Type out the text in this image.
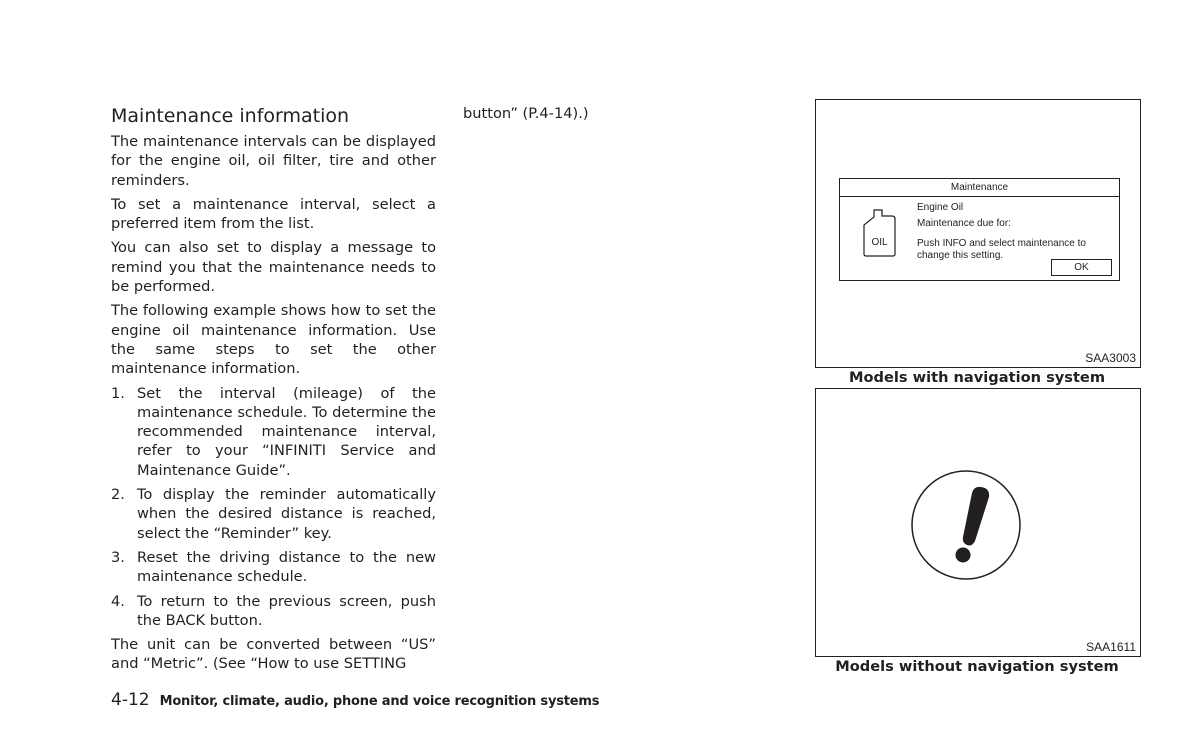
Maintenance information

The maintenance intervals can be displayed for the engine oil, oil filter, tire and other reminders.

To set a maintenance interval, select a preferred item from the list.

You can also set to display a message to remind you that the maintenance needs to be performed.

The following example shows how to set the engine oil maintenance information. Use the same steps to set the other maintenance information.

1. Set the interval (mileage) of the maintenance schedule. To determine the recommended maintenance interval, refer to your “INFINITI Service and Maintenance Guide”.
2. To display the reminder automatically when the desired distance is reached, select the “Reminder” key.
3. Reset the driving distance to the new maintenance schedule.
4. To return to the previous screen, push the BACK button.

The unit can be converted between “US” and “Metric”. (See “How to use SETTING

button” (P.4-14).)
Maintenance
OIL
Engine Oil
Maintenance due for:
Push INFO and select maintenance to change this setting.
OK
SAA3003
Models with navigation system
SAA1611
Models without navigation system
4-12 Monitor, climate, audio, phone and voice recognition systems
